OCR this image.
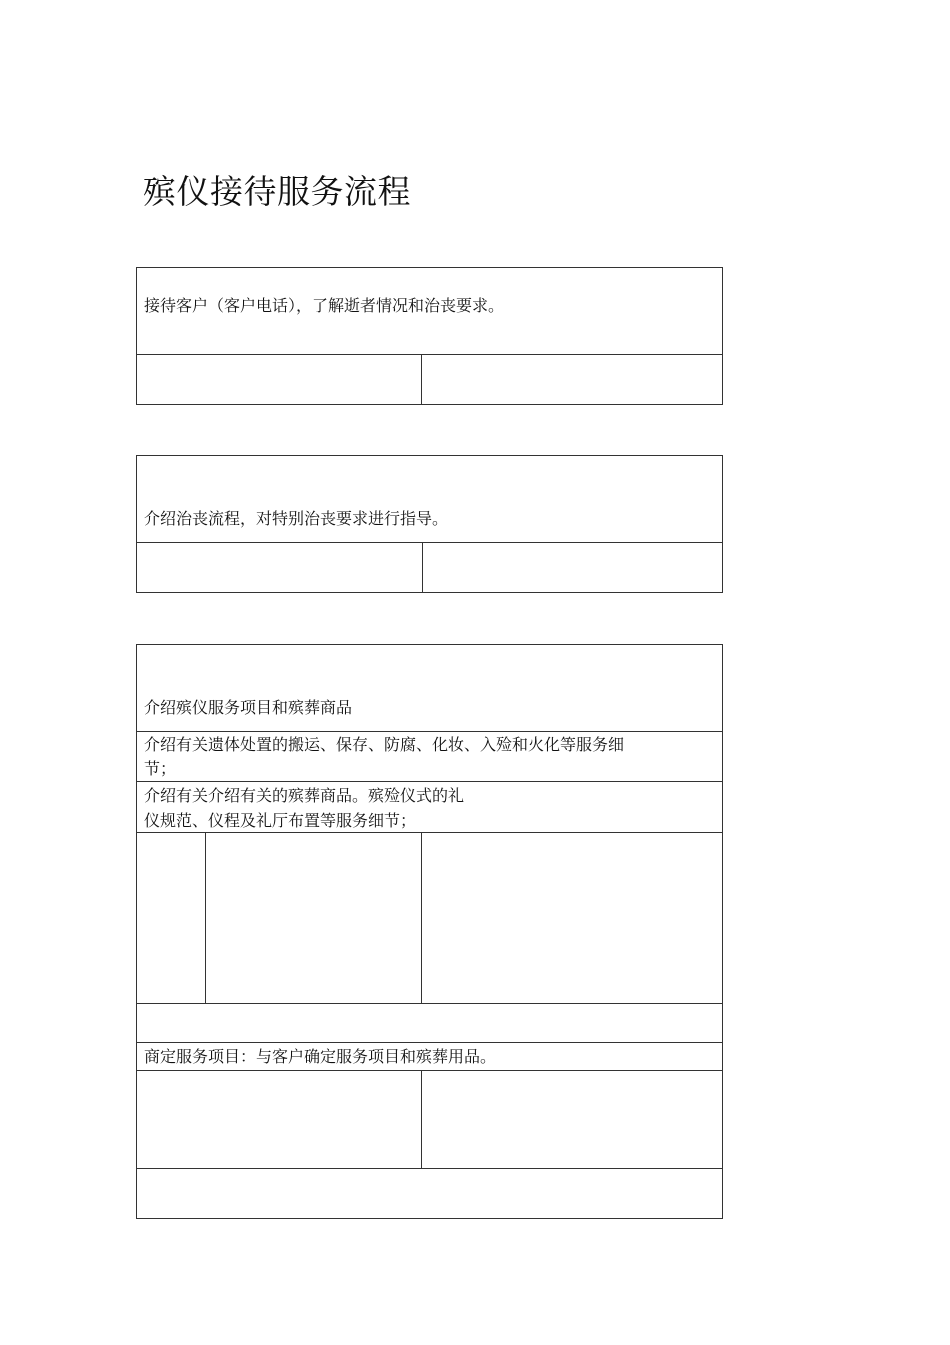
殡仪接待服务流程
接待客户（客户电话），了解逝者情况和治丧要求。
介绍治丧流程，对特别治丧要求进行指导。
介绍殡仪服务项目和殡葬商品
介绍有关遗体处置的搬运、保存、防腐、化妆、入殓和火化等服务细
节；
介绍有关介绍有关的殡葬商品。殡殓仪式的礼
仪规范、仪程及礼厅布置等服务细节；
商定服务项目：与客户确定服务项目和殡葬用品。
